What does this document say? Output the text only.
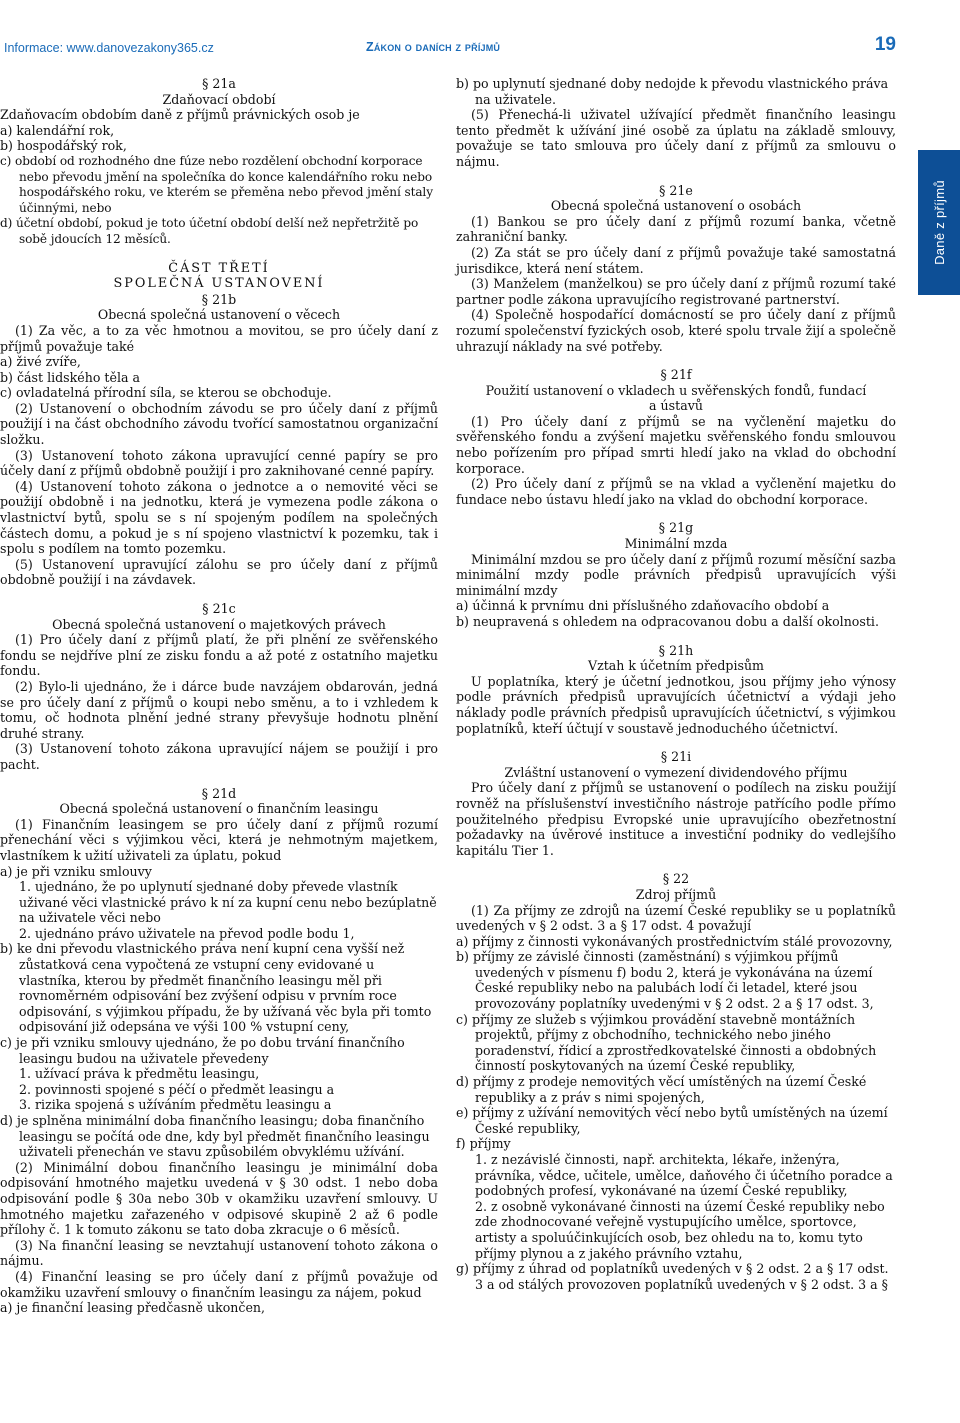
Informace: www.danovezakony365.cz	Zákon o daních z příjmů	19
Daně z příjmů

§ 21a

Zdaňovací období

Zdaňovacím obdobím daně z příjmů právnických osob je

a) kalendářní rok,

b) hospodářský rok,

c) období od rozhodného dne fúze nebo rozdělení obchodní korporace nebo převodu jmění na společníka do konce kalendářního roku nebo hospodářského roku, ve kterém se přeměna nebo převod jmění staly účinnými, nebo

d) účetní období, pokud je toto účetní období delší než nepřetržitě po sobě jdoucích 12 měsíců.

ČÁST TŘETÍ

SPOLEČNÁ USTANOVENÍ

§ 21b

Obecná společná ustanovení o věcech

(1) Za věc, a to za věc hmotnou a movitou, se pro účely daní z příjmů považuje také

a) živé zvíře,

b) část lidského těla a

c) ovladatelná přírodní síla, se kterou se obchoduje.

(2) Ustanovení o obchodním závodu se pro účely daní z příjmů použijí i na část obchodního závodu tvořící samostatnou organizační složku.

(3) Ustanovení tohoto zákona upravující cenné papíry se pro účely daní z příjmů obdobně použijí i pro zaknihované cenné papíry.

(4) Ustanovení tohoto zákona o jednotce a o nemovité věci se použijí obdobně i na jednotku, která je vymezena podle zákona o vlastnictví bytů, spolu se s ní spojeným podílem na společných částech domu, a pokud je s ní spojeno vlastnictví k pozemku, tak i spolu s podílem na tomto pozemku.

(5) Ustanovení upravující zálohu se pro účely daní z příjmů obdobně použijí i na závdavek.

§ 21c

Obecná společná ustanovení o majetkových právech

(1) Pro účely daní z příjmů platí, že při plnění ze svěřenského fondu se nejdříve plní ze zisku fondu a až poté z ostatního majetku fondu.

(2) Bylo-li ujednáno, že i dárce bude navzájem obdarován, jedná se pro účely daní z příjmů o koupi nebo směnu, a to i vzhledem k tomu, oč hodnota plnění jedné strany převyšuje hodnotu plnění druhé strany.

(3) Ustanovení tohoto zákona upravující nájem se použijí i pro pacht.

§ 21d

Obecná společná ustanovení o finančním leasingu

(1) Finančním leasingem se pro účely daní z příjmů rozumí přenechání věci s výjimkou věci, která je nehmotným majetkem, vlastníkem k užití uživateli za úplatu, pokud

a) je při vzniku smlouvy

1. ujednáno, že po uplynutí sjednané doby převede vlastník uživané věci vlastnické právo k ní za kupní cenu nebo bezúplatně na uživatele věci nebo

2. ujednáno právo uživatele na převod podle bodu 1,

b) ke dni převodu vlastnického práva není kupní cena vyšší než zůstatková cena vypočtená ze vstupní ceny evidované u vlastníka, kterou by předmět finančního leasingu měl při rovnoměrném odpisování bez zvýšení odpisu v prvním roce odpisování, s výjimkou případu, že by užívaná věc byla při tomto odpisování již odepsána ve výši 100 % vstupní ceny,

c) je při vzniku smlouvy ujednáno, že po dobu trvání finančního leasingu budou na uživatele převedeny

1. užívací práva k předmětu leasingu,

2. povinnosti spojené s péčí o předmět leasingu a

3. rizika spojená s užíváním předmětu leasingu a

d) je splněna minimální doba finančního leasingu; doba finančního leasingu se počítá ode dne, kdy byl předmět finančního leasingu uživateli přenechán ve stavu způsobilém obvyklému užívání.

(2) Minimální dobou finančního leasingu je minimální doba odpisování hmotného majetku uvedená v § 30 odst. 1 nebo doba odpisování podle § 30a nebo 30b v okamžiku uzavření smlouvy. U hmotného majetku zařazeného v odpisové skupině 2 až 6 podle přílohy č. 1 k tomuto zákonu se tato doba zkracuje o 6 měsíců.

(3) Na finanční leasing se nevztahují ustanovení tohoto zákona o nájmu.

(4) Finanční leasing se pro účely daní z příjmů považuje od okamžiku uzavření smlouvy o finančním leasingu za nájem, pokud

a) je finanční leasing předčasně ukončen,

b) po uplynutí sjednané doby nedojde k převodu vlastnického práva na uživatele.

(5) Přenechá-li uživatel užívající předmět finančního leasingu tento předmět k užívání jiné osobě za úplatu na základě smlouvy, považuje se tato smlouva pro účely daní z příjmů za smlouvu o nájmu.

§ 21e

Obecná společná ustanovení o osobách

(1) Bankou se pro účely daní z příjmů rozumí banka, včetně zahraniční banky.

(2) Za stát se pro účely daní z příjmů považuje také samostatná jurisdikce, která není státem.

(3) Manželem (manželkou) se pro účely daní z příjmů rozumí také partner podle zákona upravujícího registrované partnerství.

(4) Společně hospodařící domácností se pro účely daní z příjmů rozumí společenství fyzických osob, které spolu trvale žijí a společně uhrazují náklady na své potřeby.

§ 21f

Použití ustanovení o vkladech u svěřenských fondů, fundací

a ústavů

(1) Pro účely daní z příjmů se na vyčlenění majetku do svěřenského fondu a zvýšení majetku svěřenského fondu smlouvou nebo pořízením pro případ smrti hledí jako na vklad do obchodní korporace.

(2) Pro účely daní z příjmů se na vklad a vyčlenění majetku do fundace nebo ústavu hledí jako na vklad do obchodní korporace.

§ 21g

Minimální mzda

Minimální mzdou se pro účely daní z příjmů rozumí měsíční sazba minimální mzdy podle právních předpisů upravujících výši minimální mzdy

a) účinná k prvnímu dni příslušného zdaňovacího období a

b) neupravená s ohledem na odpracovanou dobu a další okolnosti.

§ 21h

Vztah k účetním předpisům

U poplatníka, který je účetní jednotkou, jsou příjmy jeho výnosy podle právních předpisů upravujících účetnictví a výdaji jeho náklady podle právních předpisů upravujících účetnictví, s výjimkou poplatníků, kteří účtují v soustavě jednoduchého účetnictví.

§ 21i

Zvláštní ustanovení o vymezení dividendového příjmu

Pro účely daní z příjmů se ustanovení o podílech na zisku použijí rovněž na příslušenství investičního nástroje patřícího podle přímo použitelného předpisu Evropské unie upravujícího obezřetnostní požadavky na úvěrové instituce a investiční podniky do vedlejšího kapitálu Tier 1.

§ 22

Zdroj příjmů

(1) Za příjmy ze zdrojů na území České republiky se u poplatníků uvedených v § 2 odst. 3 a § 17 odst. 4 považují

a) příjmy z činnosti vykonávaných prostřednictvím stálé provozovny,

b) příjmy ze závislé činnosti (zaměstnání) s výjimkou příjmů uvedených v písmenu f) bodu 2, která je vykonávána na území České republiky nebo na palubách lodí či letadel, které jsou provozovány poplatníky uvedenými v § 2 odst. 2 a § 17 odst. 3,

c) příjmy ze služeb s výjimkou provádění stavebně montážních projektů, příjmy z obchodního, technického nebo jiného poradenství, řídicí a zprostředkovatelské činnosti a obdobných činností poskytovaných na území České republiky,

d) příjmy z prodeje nemovitých věcí umístěných na území České republiky a z práv s nimi spojených,

e) příjmy z užívání nemovitých věcí nebo bytů umístěných na území České republiky,

f) příjmy

1. z nezávislé činnosti, např. architekta, lékaře, inženýra, právníka, vědce, učitele, umělce, daňového či účetního poradce a podobných profesí, vykonávané na území České republiky,

2. z osobně vykonávané činnosti na území České republiky nebo zde zhodnocované veřejně vystupujícího umělce, sportovce, artisty a spoluúčinkujících osob, bez ohledu na to, komu tyto příjmy plynou a z jakého právního vztahu,

g) příjmy z úhrad od poplatníků uvedených v § 2 odst. 2 a § 17 odst. 3 a od stálých provozoven poplatníků uvedených v § 2 odst. 3 a §
